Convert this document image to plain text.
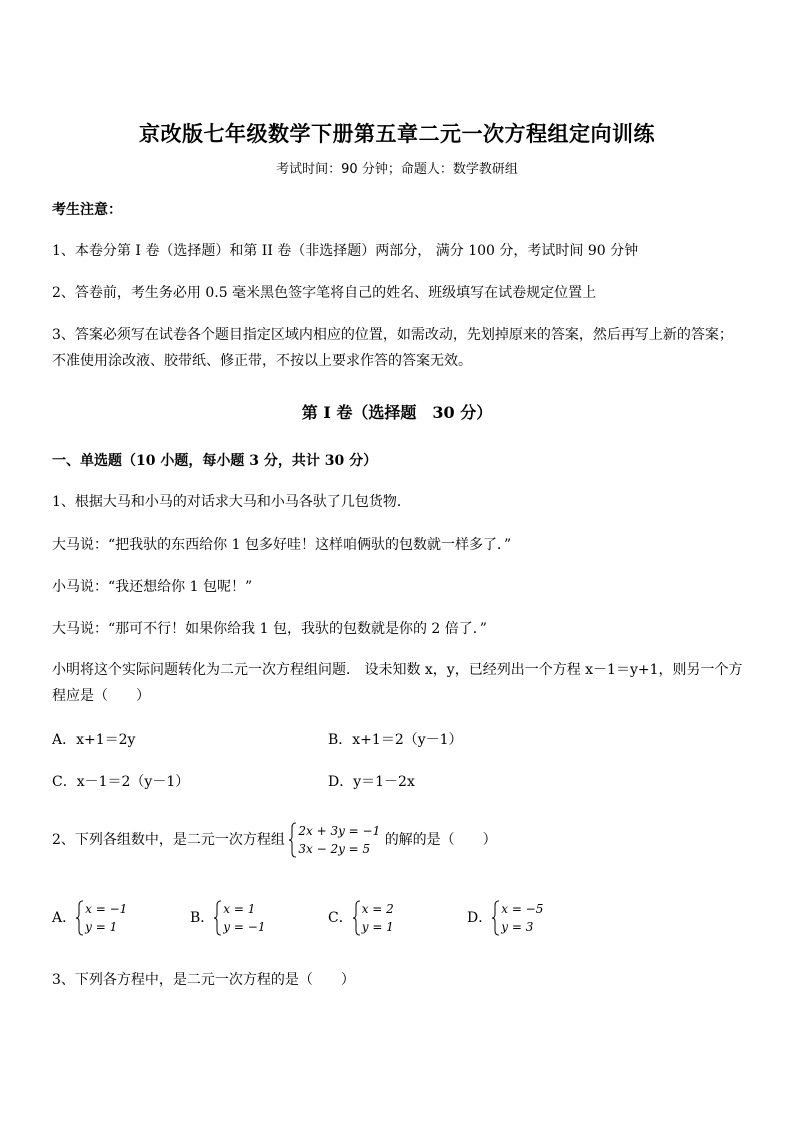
京改版七年级数学下册第五章二元一次方程组定向训练
考试时间：90 分钟；命题人：数学教研组
考生注意：
1、本卷分第 I 卷（选择题）和第 II 卷（非选择题）两部分， 满分 100 分，考试时间 90 分钟
2、答卷前，考生务必用 0.5 毫米黑色签字笔将自己的姓名、班级填写在试卷规定位置上
3、答案必须写在试卷各个题目指定区域内相应的位置，如需改动，先划掉原来的答案，然后再写上新的答案；不准使用涂改液、胶带纸、修正带，不按以上要求作答的答案无效。
第 I 卷（选择题　30 分）
一、单选题（10 小题，每小题 3 分，共计 30 分）
1、根据大马和小马的对话求大马和小马各驮了几包货物．
大马说：“把我驮的东西给你 1 包多好哇！这样咱俩驮的包数就一样多了．”
小马说：“我还想给你 1 包呢！”
大马说：“那可不行！如果你给我 1 包，我驮的包数就是你的 2 倍了．”
小明将这个实际问题转化为二元一次方程组问题． 设未知数 x，y，已经列出一个方程 x－1＝y+1，则另一个方程应是（　　）
A．x+1＝2y	B．x+1＝2（y－1）
C．x－1＝2（y－1）	D．y＝1－2x
2、下列各组数中，是二元一次方程组
2x + 3y = −1
3x − 2y = 5
的解的是（　　）
A．
x = −1
y = 1
B．
x = 1
y = −1
C．
x = 2
y = 1
D．
x = −5
y = 3
3、下列各方程中，是二元一次方程的是（　　）
